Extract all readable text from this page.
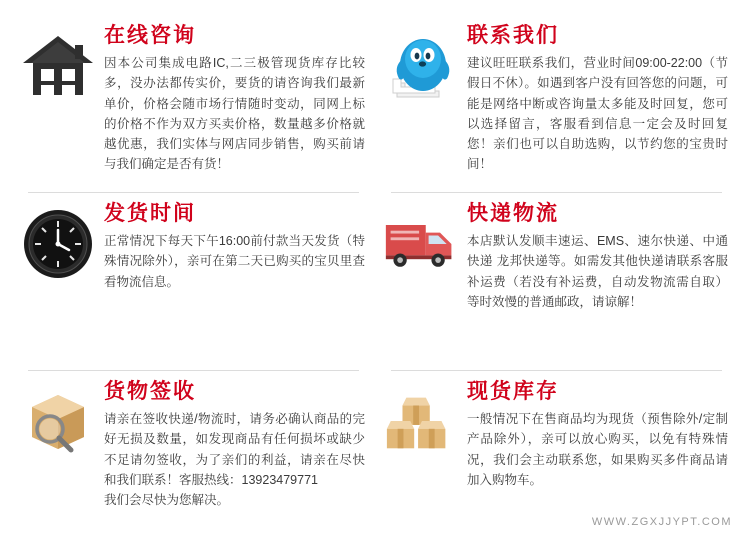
在线咨询

因本公司集成电路IC,二三极管现货库存比较多，没办法都传实价，要货的请咨询我们最新单价，价格会随市场行情随时变动，同网上标的价格不作为双方买卖价格，数量越多价格就越优惠，我们实体与网店同步销售，购买前请与我们确定是否有货！

联系我们

建议旺旺联系我们，营业时间09:00-22:00（节假日不休）。如遇到客户没有回答您的问题，可能是网络中断或咨询量太多能及时回复，您可以选择留言，客服看到信息一定会及时回复您！亲们也可以自助选购，以节约您的宝贵时间！

发货时间

正常情况下每天下午16:00前付款当天发货（特殊情况除外），亲可在第二天已购买的宝贝里查看物流信息。

快递物流

本店默认发顺丰速运、EMS、速尔快递、中通快递 龙邦快递等。如需发其他快递请联系客服补运费（若没有补运费，自动发物流需自取）等时效慢的普通邮政，请谅解！

货物签收

请亲在签收快递/物流时，请务必确认商品的完好无损及数量，如发现商品有任何损坏或缺少不足请勿签收，为了亲们的利益，请亲在尽快和我们联系！客服热线：13923479771
我们会尽快为您解决。

现货库存

一般情况下在售商品均为现货（预售除外/定制产品除外），亲可以放心购买，以免有特殊情况，我们会主动联系您，如果购买多件商品请加入购物车。

WWW.ZGXJJYPT.COM
